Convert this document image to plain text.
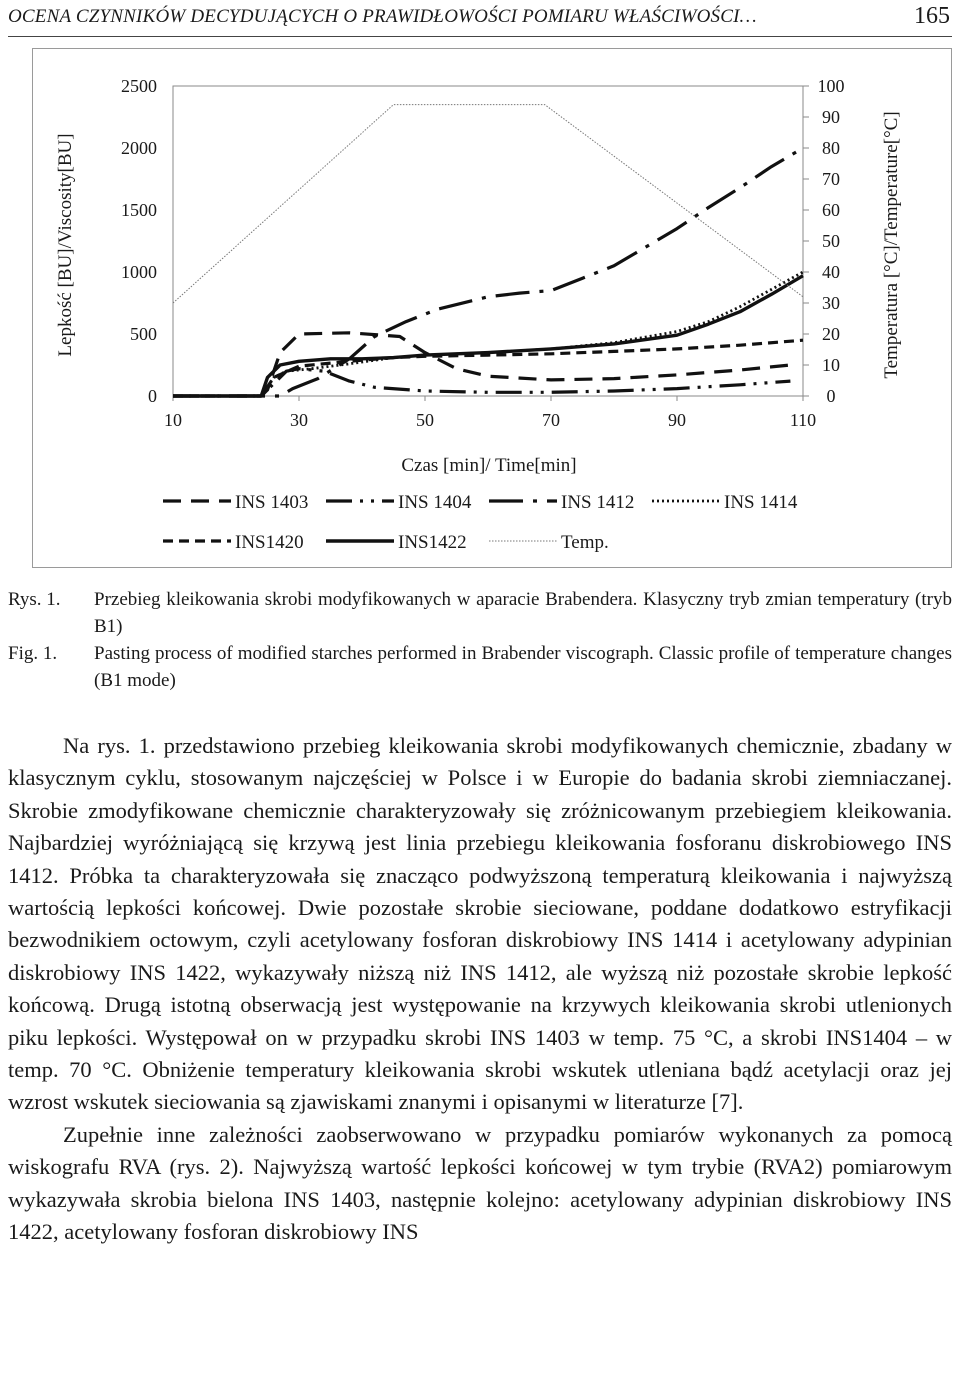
OCENA CZYNNIKÓW DECYDUJĄCYCH O PRAWIDŁOWOŚCI POMIARU WŁAŚCIWOŚCI…	165
0
500
1000
1500
2000
2500
0
10
20
30
40
50
60
70
80
90
100
10	30	50	70	90	110
Lepkość [BU]/Viscosity[BU]	Temperatura [°C]/Temperature[°C]
Czas [min]/ Time[min]
INS 1403	INS 1404	INS 1412	INS 1414
INS1420	INS1422	Temp.
Rys. 1. Przebieg kleikowania skrobi modyfikowanych w aparacie Brabendera. Klasyczny tryb zmian temperatury (tryb B1)
Fig. 1. Pasting process of modified starches performed in Brabender viscograph. Classic profile of temperature changes (B1 mode)

Na rys. 1. przedstawiono przebieg kleikowania skrobi modyfikowanych chemicznie, zbadany w klasycznym cyklu, stosowanym najczęściej w Polsce i w Europie do badania skrobi ziemniaczanej. Skrobie zmodyfikowane chemicznie charakteryzowały się zróżnicowanym przebiegiem kleikowania. Najbardziej wyróżniającą się krzywą jest linia przebiegu kleikowania fosforanu diskrobiowego INS 1412. Próbka ta charakteryzowała się znacząco podwyższoną temperaturą kleikowania i najwyższą wartością lepkości końcowej. Dwie pozostałe skrobie sieciowane, poddane dodatkowo estryfikacji bezwodnikiem octowym, czyli acetylowany fosforan diskrobiowy INS 1414 i acetylowany adypinian diskrobiowy INS 1422, wykazywały niższą niż INS 1412, ale wyższą niż pozostałe skrobie lepkość końcową. Drugą istotną obserwacją jest występowanie na krzywych kleikowania skrobi utlenionych piku lepkości. Występował on w przypadku skrobi INS 1403 w temp. 75 °C, a skrobi INS1404 – w temp. 70 °C. Obniżenie temperatury kleikowania skrobi wskutek utleniana bądź acetylacji oraz jej wzrost wskutek sieciowania są zjawiskami znanymi i opisanymi w literaturze [7].

Zupełnie inne zależności zaobserwowano w przypadku pomiarów wykonanych za pomocą wiskografu RVA (rys. 2). Najwyższą wartość lepkości końcowej w tym trybie (RVA2) pomiarowym wykazywała skrobia bielona INS 1403, następnie kolejno: acetylowany adypinian diskrobiowy INS 1422, acetylowany fosforan diskrobiowy INS
